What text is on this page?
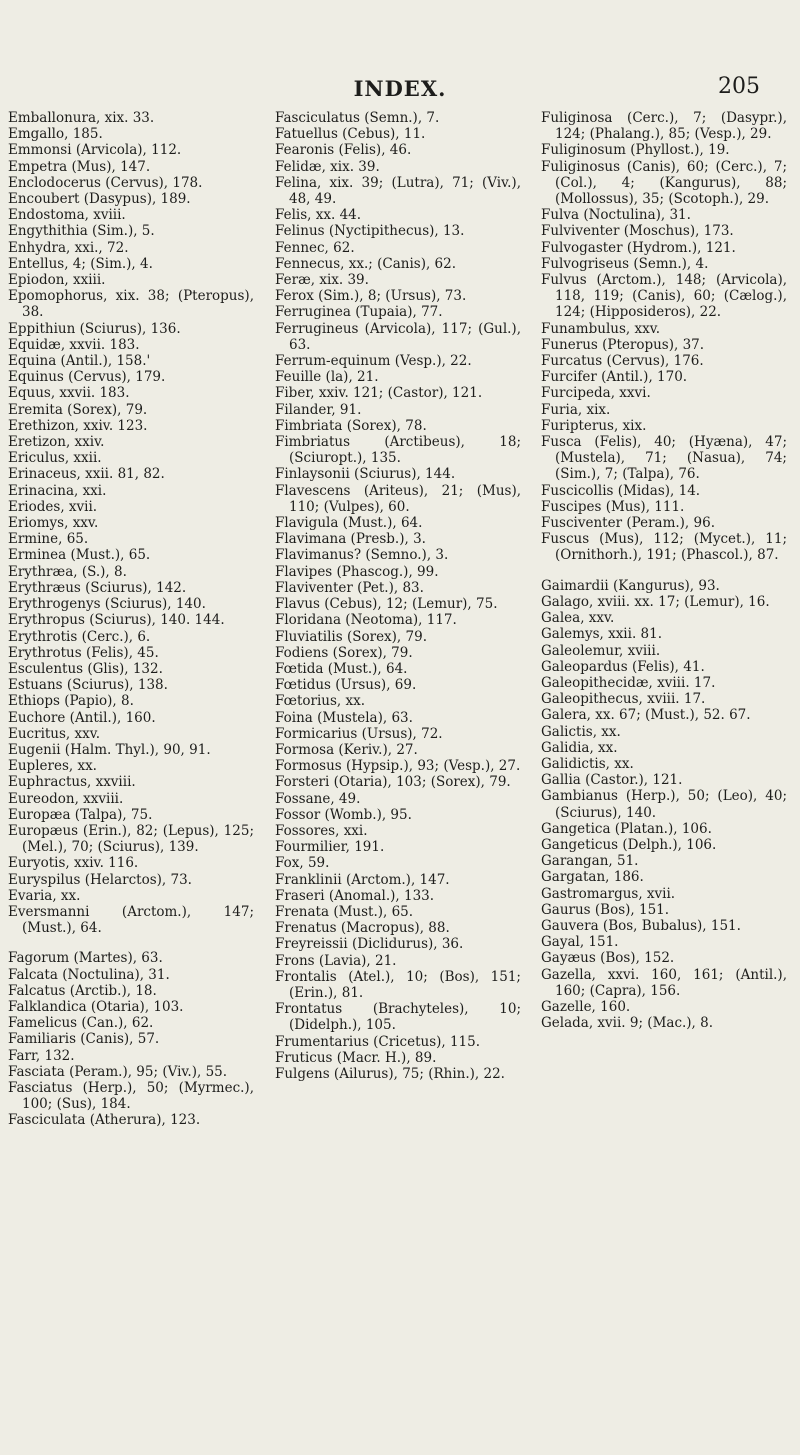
INDEX.	205
Emballonura, xix. 33.
Emgallo, 185.
Emmonsi (Arvicola), 112.
Empetra (Mus), 147.
Enclodocerus (Cervus), 178.
Encoubert (Dasypus), 189.
Endostoma, xviii.
Engythithia (Sim.), 5.
Enhydra, xxi., 72.
Entellus, 4; (Sim.), 4.
Epiodon, xxiii.
Epomophorus, xix. 38; (Pteropus), 38.
Eppithiun (Sciurus), 136.
Equidæ, xxvii. 183.
Equina (Antil.), 158.'
Equinus (Cervus), 179.
Equus, xxvii. 183.
Eremita (Sorex), 79.
Erethizon, xxiv. 123.
Eretizon, xxiv.
Ericulus, xxii.
Erinaceus, xxii. 81, 82.
Erinacina, xxi.
Eriodes, xvii.
Eriomys, xxv.
Ermine, 65.
Erminea (Must.), 65.
Erythræa, (S.), 8.
Erythræus (Sciurus), 142.
Erythrogenys (Sciurus), 140.
Erythropus (Sciurus), 140. 144.
Erythrotis (Cerc.), 6.
Erythrotus (Felis), 45.
Esculentus (Glis), 132.
Estuans (Sciurus), 138.
Ethiops (Papio), 8.
Euchore (Antil.), 160.
Eucritus, xxv.
Eugenii (Halm. Thyl.), 90, 91.
Eupleres, xx.
Euphractus, xxviii.
Eureodon, xxviii.
Europæa (Talpa), 75.
Europæus (Erin.), 82; (Lepus), 125; (Mel.), 70; (Sciurus), 139.
Euryotis, xxiv. 116.
Euryspilus (Helarctos), 73.
Evaria, xx.
Eversmanni (Arctom.), 147; (Must.), 64.
Fagorum (Martes), 63.
Falcata (Noctulina), 31.
Falcatus (Arctib.), 18.
Falklandica (Otaria), 103.
Famelicus (Can.), 62.
Familiaris (Canis), 57.
Farr, 132.
Fasciata (Peram.), 95; (Viv.), 55.
Fasciatus (Herp.), 50; (Myrmec.), 100; (Sus), 184.
Fasciculata (Atherura), 123.
Fasciculatus (Semn.), 7.
Fatuellus (Cebus), 11.
Fearonis (Felis), 46.
Felidæ, xix. 39.
Felina, xix. 39; (Lutra), 71; (Viv.), 48, 49.
Felis, xx. 44.
Felinus (Nyctipithecus), 13.
Fennec, 62.
Fennecus, xx.; (Canis), 62.
Feræ, xix. 39.
Ferox (Sim.), 8; (Ursus), 73.
Ferruginea (Tupaia), 77.
Ferrugineus (Arvicola), 117; (Gul.), 63.
Ferrum-equinum (Vesp.), 22.
Feuille (la), 21.
Fiber, xxiv. 121; (Castor), 121.
Filander, 91.
Fimbriata (Sorex), 78.
Fimbriatus (Arctibeus), 18; (Sciuropt.), 135.
Finlaysonii (Sciurus), 144.
Flavescens (Ariteus), 21; (Mus), 110; (Vulpes), 60.
Flavigula (Must.), 64.
Flavimana (Presb.), 3.
Flavimanus? (Semno.), 3.
Flavipes (Phascog.), 99.
Flaviventer (Pet.), 83.
Flavus (Cebus), 12; (Lemur), 75.
Floridana (Neotoma), 117.
Fluviatilis (Sorex), 79.
Fodiens (Sorex), 79.
Fœtida (Must.), 64.
Fœtidus (Ursus), 69.
Fœtorius, xx.
Foina (Mustela), 63.
Formicarius (Ursus), 72.
Formosa (Keriv.), 27.
Formosus (Hypsip.), 93; (Vesp.), 27.
Forsteri (Otaria), 103; (Sorex), 79.
Fossane, 49.
Fossor (Womb.), 95.
Fossores, xxi.
Fourmilier, 191.
Fox, 59.
Franklinii (Arctom.), 147.
Fraseri (Anomal.), 133.
Frenata (Must.), 65.
Frenatus (Macropus), 88.
Freyreissii (Diclidurus), 36.
Frons (Lavia), 21.
Frontalis (Atel.), 10; (Bos), 151; (Erin.), 81.
Frontatus (Brachyteles), 10; (Didelph.), 105.
Frumentarius (Cricetus), 115.
Fruticus (Macr. H.), 89.
Fulgens (Ailurus), 75; (Rhin.), 22.
Fuliginosa (Cerc.), 7; (Dasypr.), 124; (Phalang.), 85; (Vesp.), 29.
Fuliginosum (Phyllost.), 19.
Fuliginosus (Canis), 60; (Cerc.), 7; (Col.), 4; (Kangurus), 88; (Mollossus), 35; (Scotoph.), 29.
Fulva (Noctulina), 31.
Fulviventer (Moschus), 173.
Fulvogaster (Hydrom.), 121.
Fulvogriseus (Semn.), 4.
Fulvus (Arctom.), 148; (Arvicola), 118, 119; (Canis), 60; (Cælog.), 124; (Hipposideros), 22.
Funambulus, xxv.
Funerus (Pteropus), 37.
Furcatus (Cervus), 176.
Furcifer (Antil.), 170.
Furcipeda, xxvi.
Furia, xix.
Furipterus, xix.
Fusca (Felis), 40; (Hyæna), 47; (Mustela), 71; (Nasua), 74; (Sim.), 7; (Talpa), 76.
Fuscicollis (Midas), 14.
Fuscipes (Mus), 111.
Fusciventer (Peram.), 96.
Fuscus (Mus), 112; (Mycet.), 11; (Ornithorh.), 191; (Phascol.), 87.
Gaimardii (Kangurus), 93.
Galago, xviii. xx. 17; (Lemur), 16.
Galea, xxv.
Galemys, xxii. 81.
Galeolemur, xviii.
Galeopardus (Felis), 41.
Galeopithecidæ, xviii. 17.
Galeopithecus, xviii. 17.
Galera, xx. 67; (Must.), 52. 67.
Galictis, xx.
Galidia, xx.
Galidictis, xx.
Gallia (Castor.), 121.
Gambianus (Herp.), 50; (Leo), 40; (Sciurus), 140.
Gangetica (Platan.), 106.
Gangeticus (Delph.), 106.
Garangan, 51.
Gargatan, 186.
Gastromargus, xvii.
Gaurus (Bos), 151.
Gauvera (Bos, Bubalus), 151.
Gayal, 151.
Gayæus (Bos), 152.
Gazella, xxvi. 160, 161; (Antil.), 160; (Capra), 156.
Gazelle, 160.
Gelada, xvii. 9; (Mac.), 8.
